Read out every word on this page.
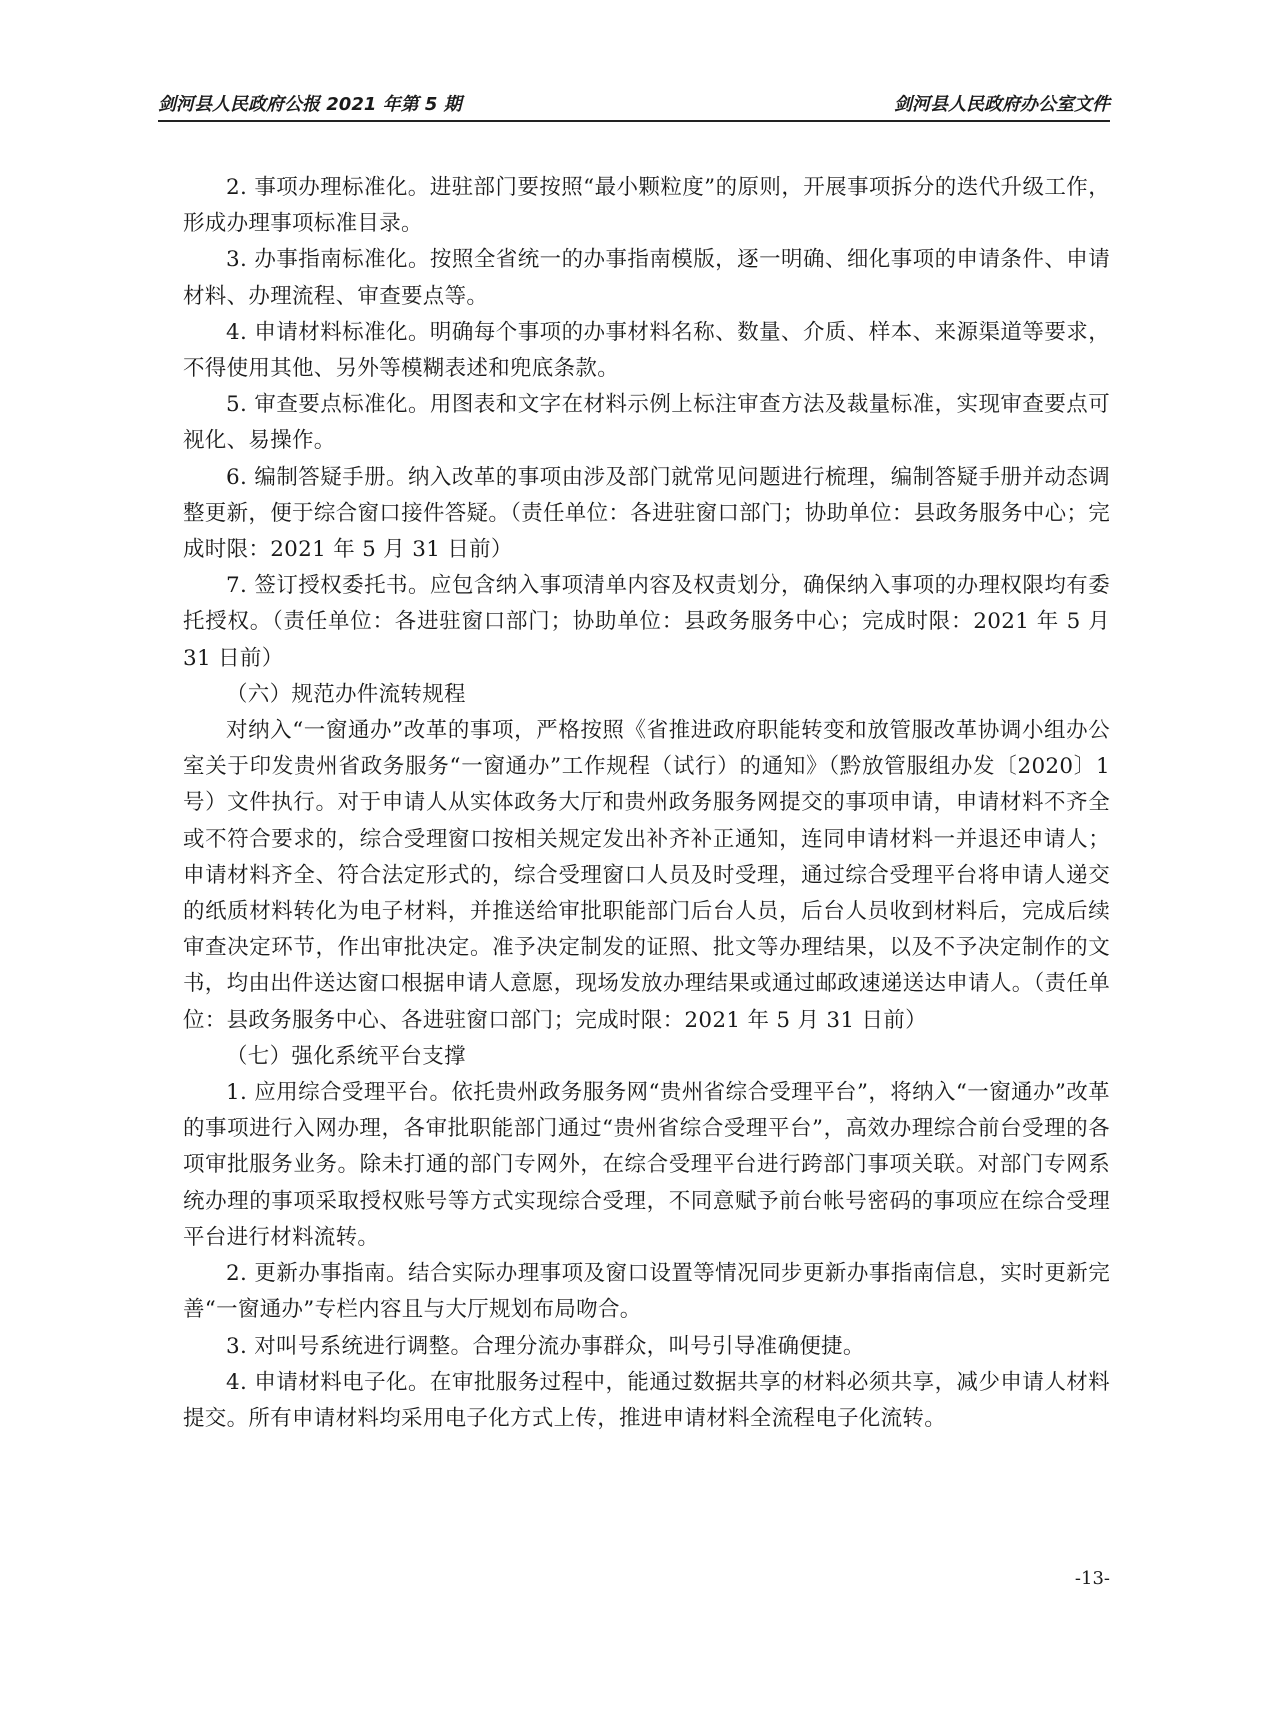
剑河县人民政府公报 2021 年第 5 期	剑河县人民政府办公室文件

2. 事项办理标准化。进驻部门要按照“最小颗粒度”的原则，开展事项拆分的迭代升级工作，形成办理事项标准目录。

3. 办事指南标准化。按照全省统一的办事指南模版，逐一明确、细化事项的申请条件、申请材料、办理流程、审查要点等。

4. 申请材料标准化。明确每个事项的办事材料名称、数量、介质、样本、来源渠道等要求，不得使用其他、另外等模糊表述和兜底条款。

5. 审查要点标准化。用图表和文字在材料示例上标注审查方法及裁量标准，实现审查要点可视化、易操作。

6. 编制答疑手册。纳入改革的事项由涉及部门就常见问题进行梳理，编制答疑手册并动态调整更新，便于综合窗口接件答疑。（责任单位：各进驻窗口部门；协助单位：县政务服务中心；完成时限：2021 年 5 月 31 日前）

7. 签订授权委托书。应包含纳入事项清单内容及权责划分，确保纳入事项的办理权限均有委托授权。（责任单位：各进驻窗口部门；协助单位：县政务服务中心；完成时限：2021 年 5 月 31 日前）

（六）规范办件流转规程

对纳入“一窗通办”改革的事项，严格按照《省推进政府职能转变和放管服改革协调小组办公室关于印发贵州省政务服务“一窗通办”工作规程（试行）的通知》（黔放管服组办发〔2020〕1 号）文件执行。对于申请人从实体政务大厅和贵州政务服务网提交的事项申请，申请材料不齐全或不符合要求的，综合受理窗口按相关规定发出补齐补正通知，连同申请材料一并退还申请人；申请材料齐全、符合法定形式的，综合受理窗口人员及时受理，通过综合受理平台将申请人递交的纸质材料转化为电子材料，并推送给审批职能部门后台人员，后台人员收到材料后，完成后续审查决定环节，作出审批决定。准予决定制发的证照、批文等办理结果，以及不予决定制作的文书，均由出件送达窗口根据申请人意愿，现场发放办理结果或通过邮政速递送达申请人。（责任单位：县政务服务中心、各进驻窗口部门；完成时限：2021 年 5 月 31 日前）

（七）强化系统平台支撑

1. 应用综合受理平台。依托贵州政务服务网“贵州省综合受理平台”，将纳入“一窗通办”改革的事项进行入网办理，各审批职能部门通过“贵州省综合受理平台”，高效办理综合前台受理的各项审批服务业务。除未打通的部门专网外，在综合受理平台进行跨部门事项关联。对部门专网系统办理的事项采取授权账号等方式实现综合受理，不同意赋予前台帐号密码的事项应在综合受理平台进行材料流转。

2. 更新办事指南。结合实际办理事项及窗口设置等情况同步更新办事指南信息，实时更新完善“一窗通办”专栏内容且与大厅规划布局吻合。

3. 对叫号系统进行调整。合理分流办事群众，叫号引导准确便捷。

4. 申请材料电子化。在审批服务过程中，能通过数据共享的材料必须共享，减少申请人材料提交。所有申请材料均采用电子化方式上传，推进申请材料全流程电子化流转。

-13-
